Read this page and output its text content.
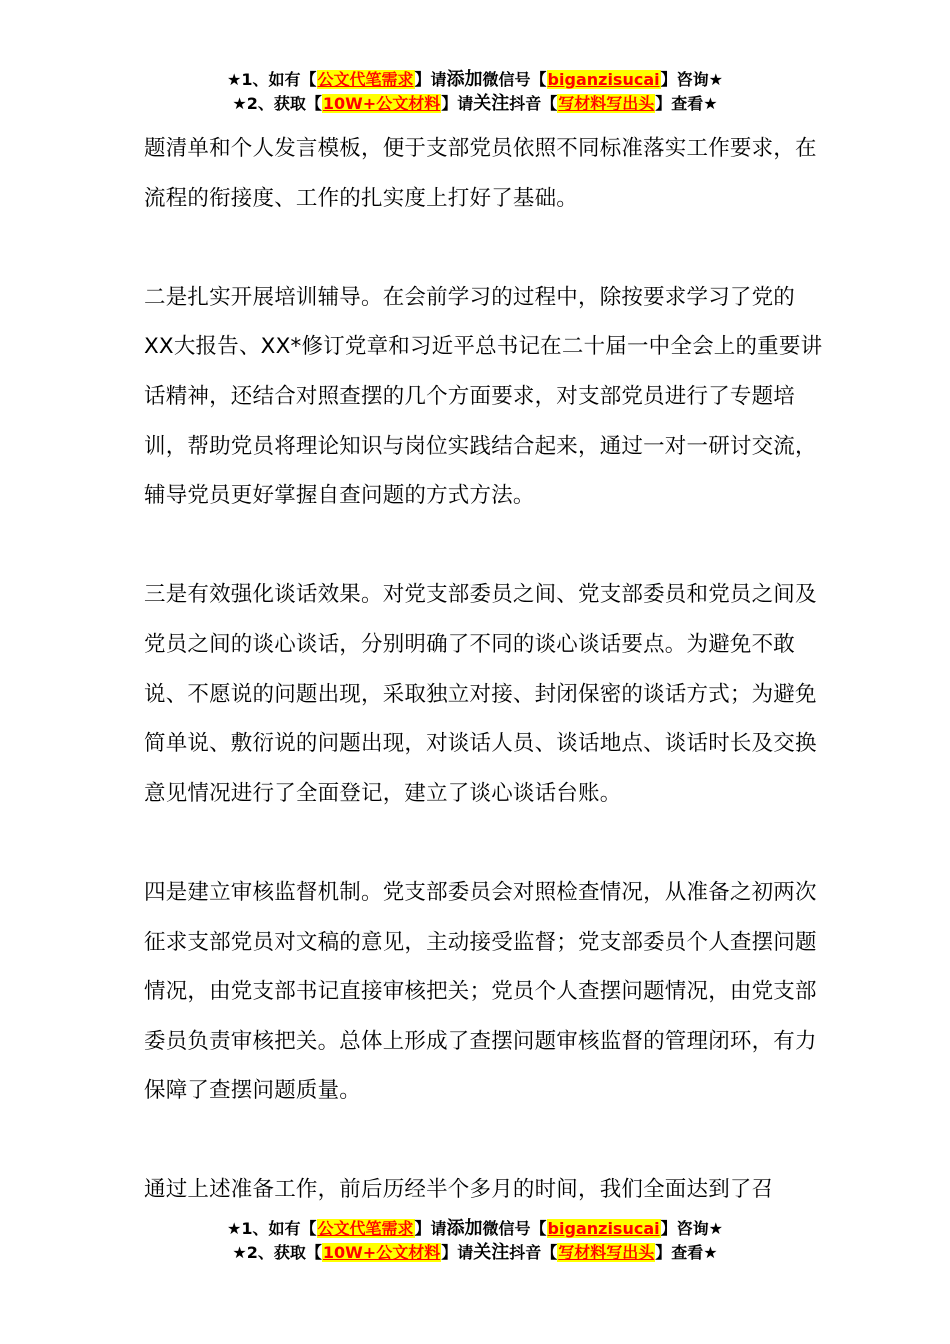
★1、如有【公文代笔需求】请添加微信号【biganzisucai】咨询★
★2、获取【10W+公文材料】请关注抖音【写材料写出头】查看★

题清单和个人发言模板，便于支部党员依照不同标准落实工作要求，在流程的衔接度、工作的扎实度上打好了基础。

二是扎实开展培训辅导。在会前学习的过程中，除按要求学习了党的XX大报告、XX*修订党章和习近平总书记在二十届一中全会上的重要讲话精神，还结合对照查摆的几个方面要求，对支部党员进行了专题培训，帮助党员将理论知识与岗位实践结合起来，通过一对一研讨交流，辅导党员更好掌握自查问题的方式方法。

三是有效强化谈话效果。对党支部委员之间、党支部委员和党员之间及党员之间的谈心谈话，分别明确了不同的谈心谈话要点。为避免不敢说、不愿说的问题出现，采取独立对接、封闭保密的谈话方式；为避免简单说、敷衍说的问题出现，对谈话人员、谈话地点、谈话时长及交换意见情况进行了全面登记，建立了谈心谈话台账。

四是建立审核监督机制。党支部委员会对照检查情况，从准备之初两次征求支部党员对文稿的意见，主动接受监督；党支部委员个人查摆问题情况，由党支部书记直接审核把关；党员个人查摆问题情况，由党支部委员负责审核把关。总体上形成了查摆问题审核监督的管理闭环，有力保障了查摆问题质量。

通过上述准备工作，前后历经半个多月的时间，我们全面达到了召

★1、如有【公文代笔需求】请添加微信号【biganzisucai】咨询★
★2、获取【10W+公文材料】请关注抖音【写材料写出头】查看★
